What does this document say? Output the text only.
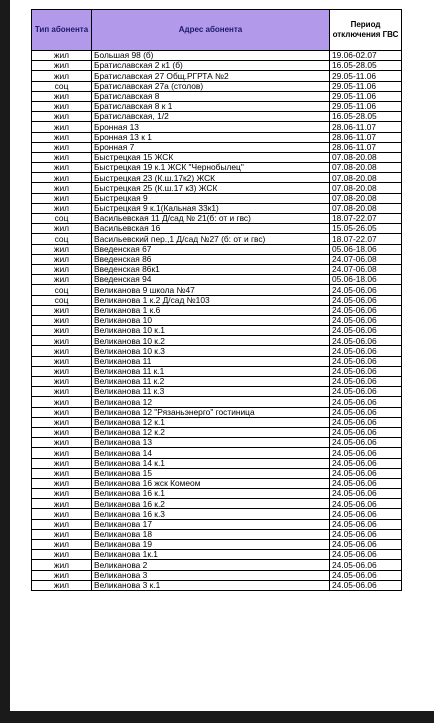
Тип абонента	Адрес абонента	Период отключения ГВС
жил	Большая 98 (б)	19.06-02.07
жил	Братиславская 2 к1 (б)	16.05-28.05
жил	Братиславская 27 Общ.РГРТА №2	29.05-11.06
соц	Братиславская 27а (столов)	29.05-11.06
жил	Братиславская 8	29.05-11.06
жил	Братиславская 8 к 1	29.05-11.06
жил	Братиславская, 1/2	16.05-28.05
жил	Бронная 13	28.06-11.07
жил	Бронная 13 к 1	28.06-11.07
жил	Бронная 7	28.06-11.07
жил	Быстрецкая 15 ЖСК	07.08-20.08
жил	Быстрецкая 19 к.1 ЖСК "Чернобылец"	07.08-20.08
жил	Быстрецкая 23 (К.ш.17к2) ЖСК	07.08-20.08
жил	Быстрецкая 25 (К.ш.17 к3) ЖСК	07.08-20.08
жил	Быстрецкая 9	07.08-20.08
жил	Быстрецкая 9 к.1(Кальная 33к1)	07.08-20.08
соц	Васильевская 11 Д/сад № 21(б: от и гвс)	18.07-22.07
жил	Васильевская 16	15.05-26.05
соц	Васильевский пер.,1 Д/сад №27 (б: от и гвс)	18.07-22.07
жил	Введенская 67	05.06-18.06
жил	Введенская 86	24.07-06.08
жил	Введенская 86к1	24.07-06.08
жил	Введенская 94	05.06-18.06
соц	Великанова 9 школа №47	24.05-06.06
соц	Великанова 1 к.2 Д/сад №103	24.05-06.06
жил	Великанова 1 к.6	24.05-06.06
жил	Великанова 10	24.05-06.06
жил	Великанова 10 к.1	24.05-06.06
жил	Великанова 10 к.2	24.05-06.06
жил	Великанова 10 к.3	24.05-06.06
жил	Великанова 11	24.05-06.06
жил	Великанова 11 к.1	24.05-06.06
жил	Великанова 11 к.2	24.05-06.06
жил	Великанова 11 к.3	24.05-06.06
жил	Великанова 12	24.05-06.06
жил	Великанова 12 "Рязаньэнерго" гостиница	24.05-06.06
жил	Великанова 12 к.1	24.05-06.06
жил	Великанова 12 к.2	24.05-06.06
жил	Великанова 13	24.05-06.06
жил	Великанова 14	24.05-06.06
жил	Великанова 14 к.1	24.05-06.06
жил	Великанова 15	24.05-06.06
жил	Великанова 16 жск Комеом	24.05-06.06
жил	Великанова 16 к.1	24.05-06.06
жил	Великанова 16 к.2	24.05-06.06
жил	Великанова 16 к.3	24.05-06.06
жил	Великанова 17	24.05-06.06
жил	Великанова 18	24.05-06.06
жил	Великанова 19	24.05-06.06
жил	Великанова 1к.1	24.05-06.06
жил	Великанова 2	24.05-06.06
жил	Великанова 3	24.05-06.06
жил	Великанова 3 к.1	24.05-06.06
